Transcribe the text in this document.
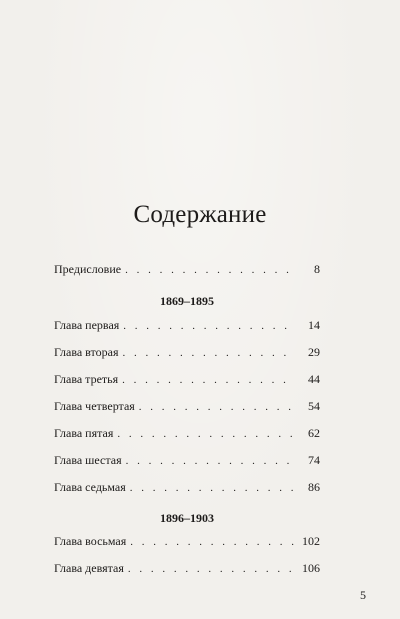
Содержание
Предисловие . . .	8
1869–1895
Глава первая . . .	14
Глава вторая . . .	29
Глава третья . . .	44
Глава четвертая . . .	54
Глава пятая . . .	62
Глава шестая . . .	74
Глава седьмая . . .	86
1896–1903
Глава восьмая . . .	102
Глава девятая . . .	106
5
